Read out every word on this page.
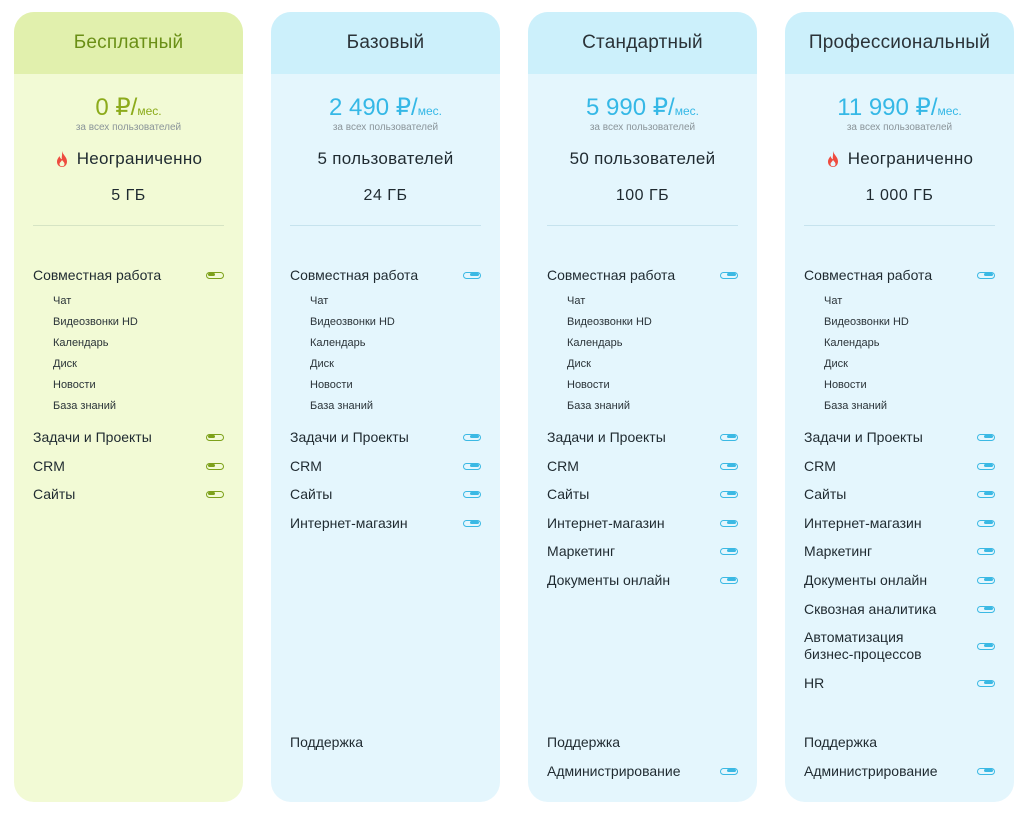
Бесплатный
0 ₽/мес.
за всех пользователей
Неограниченно
5 ГБ
Совместная работа
Чат
Видеозвонки HD
Календарь
Диск
Новости
База знаний
Задачи и Проекты
CRM
Сайты
Базовый
2 490 ₽/мес.
за всех пользователей
5 пользователей
24 ГБ
Совместная работа
Чат
Видеозвонки HD
Календарь
Диск
Новости
База знаний
Задачи и Проекты
CRM
Сайты
Интернет-магазин
Поддержка
Стандартный
5 990 ₽/мес.
за всех пользователей
50 пользователей
100 ГБ
Совместная работа
Чат
Видеозвонки HD
Календарь
Диск
Новости
База знаний
Задачи и Проекты
CRM
Сайты
Интернет-магазин
Маркетинг
Документы онлайн
Поддержка
Администрирование
Профессиональный
11 990 ₽/мес.
за всех пользователей
Неограниченно
1 000 ГБ
Совместная работа
Чат
Видеозвонки HD
Календарь
Диск
Новости
База знаний
Задачи и Проекты
CRM
Сайты
Интернет-магазин
Маркетинг
Документы онлайн
Сквозная аналитика
Автоматизация бизнес-процессов
HR
Поддержка
Администрирование
